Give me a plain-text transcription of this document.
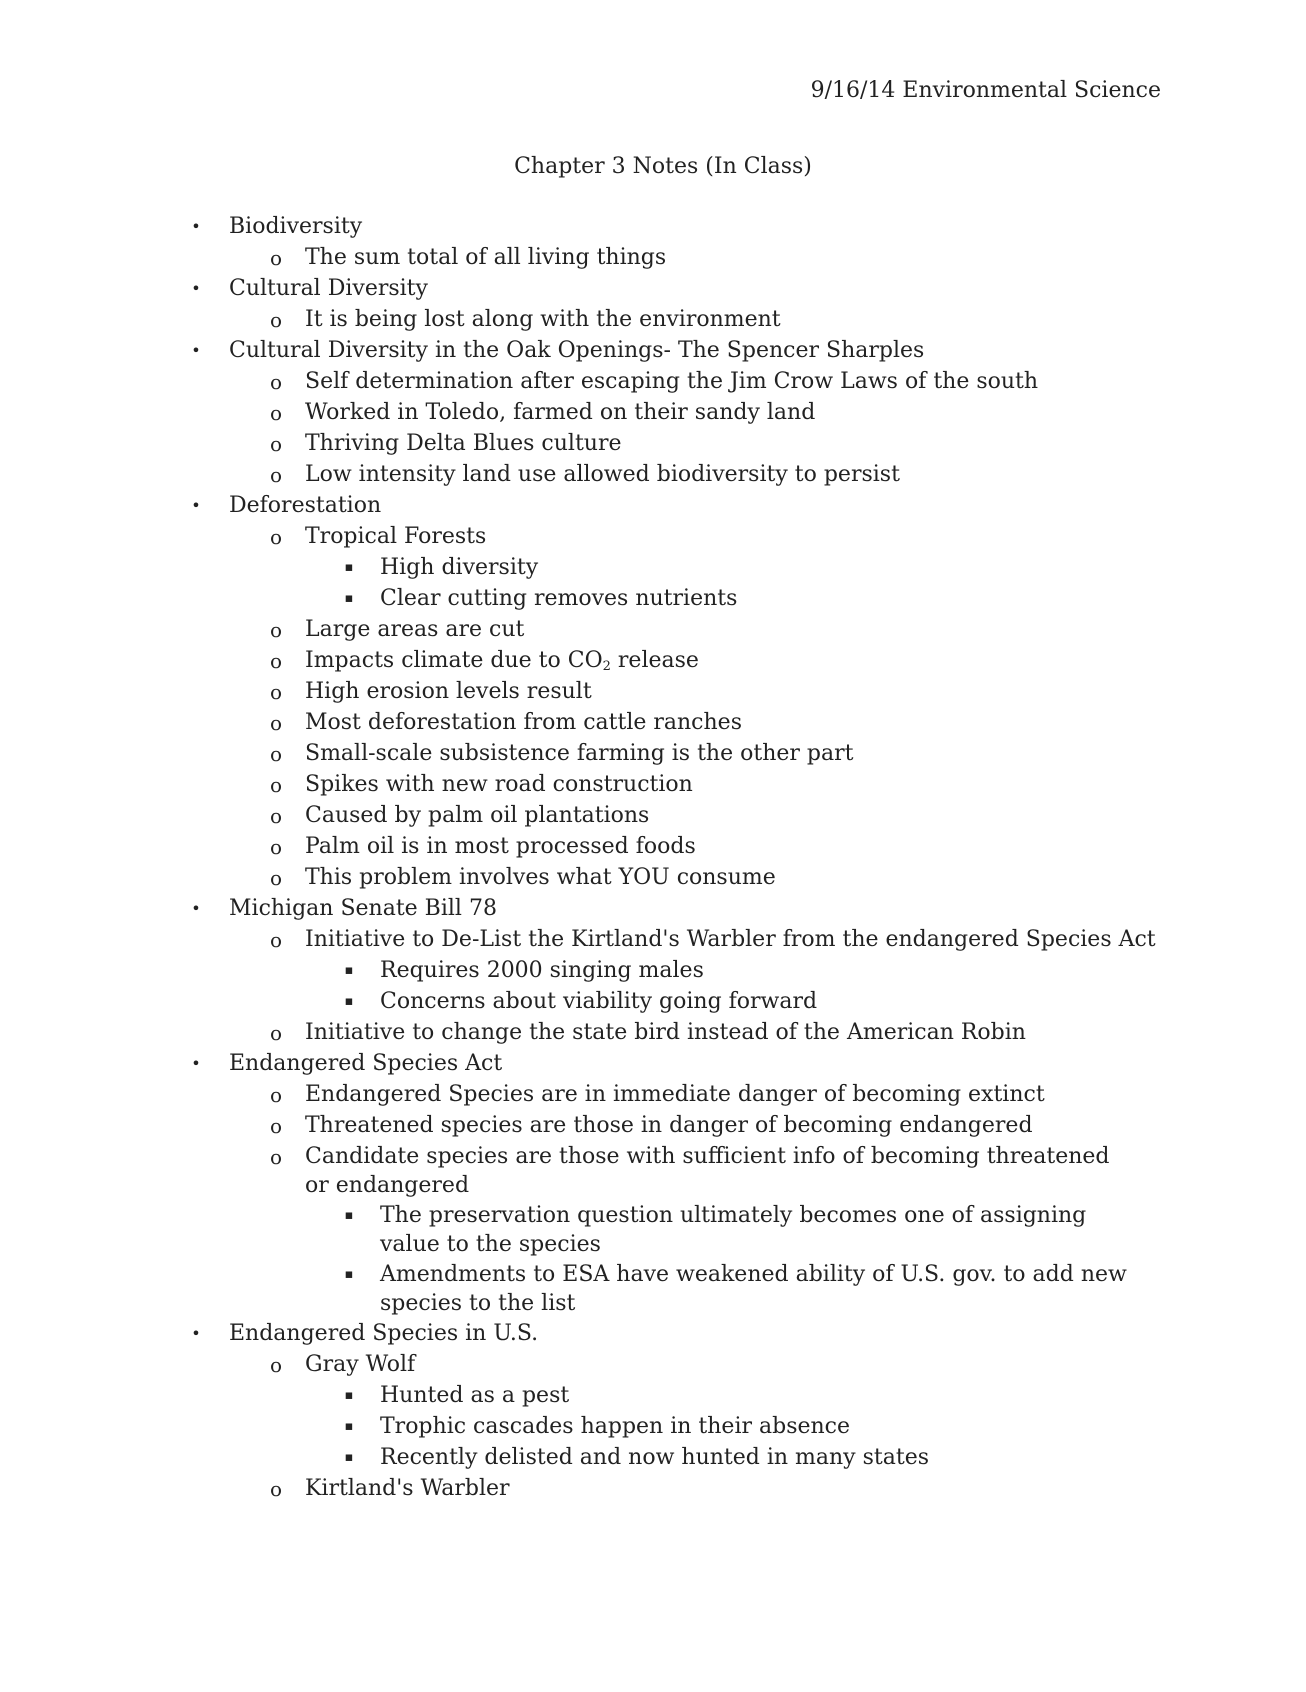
9/16/14 Environmental Science
Chapter 3 Notes (In Class)
• Biodiversity
o The sum total of all living things
• Cultural Diversity
o It is being lost along with the environment
• Cultural Diversity in the Oak Openings- The Spencer Sharples
o Self determination after escaping the Jim Crow Laws of the south
o Worked in Toledo, farmed on their sandy land
o Thriving Delta Blues culture
o Low intensity land use allowed biodiversity to persist
• Deforestation
o Tropical Forests
▪ High diversity
▪ Clear cutting removes nutrients
o Large areas are cut
o Impacts climate due to $CO_2$ release
o High erosion levels result
o Most deforestation from cattle ranches
o Small-scale subsistence farming is the other part
o Spikes with new road construction
o Caused by palm oil plantations
o Palm oil is in most processed foods
o This problem involves what YOU consume
• Michigan Senate Bill 78
o Initiative to De-List the Kirtland's Warbler from the endangered Species Act
▪ Requires 2000 singing males
▪ Concerns about viability going forward
o Initiative to change the state bird instead of the American Robin
• Endangered Species Act
o Endangered Species are in immediate danger of becoming extinct
o Threatened species are those in danger of becoming endangered
o Candidate species are those with sufficient info of becoming threatened or endangered
▪ The preservation question ultimately becomes one of assigning value to the species
▪ Amendments to ESA have weakened ability of U.S. gov. to add new species to the list
• Endangered Species in U.S.
o Gray Wolf
▪ Hunted as a pest
▪ Trophic cascades happen in their absence
▪ Recently delisted and now hunted in many states
o Kirtland's Warbler
